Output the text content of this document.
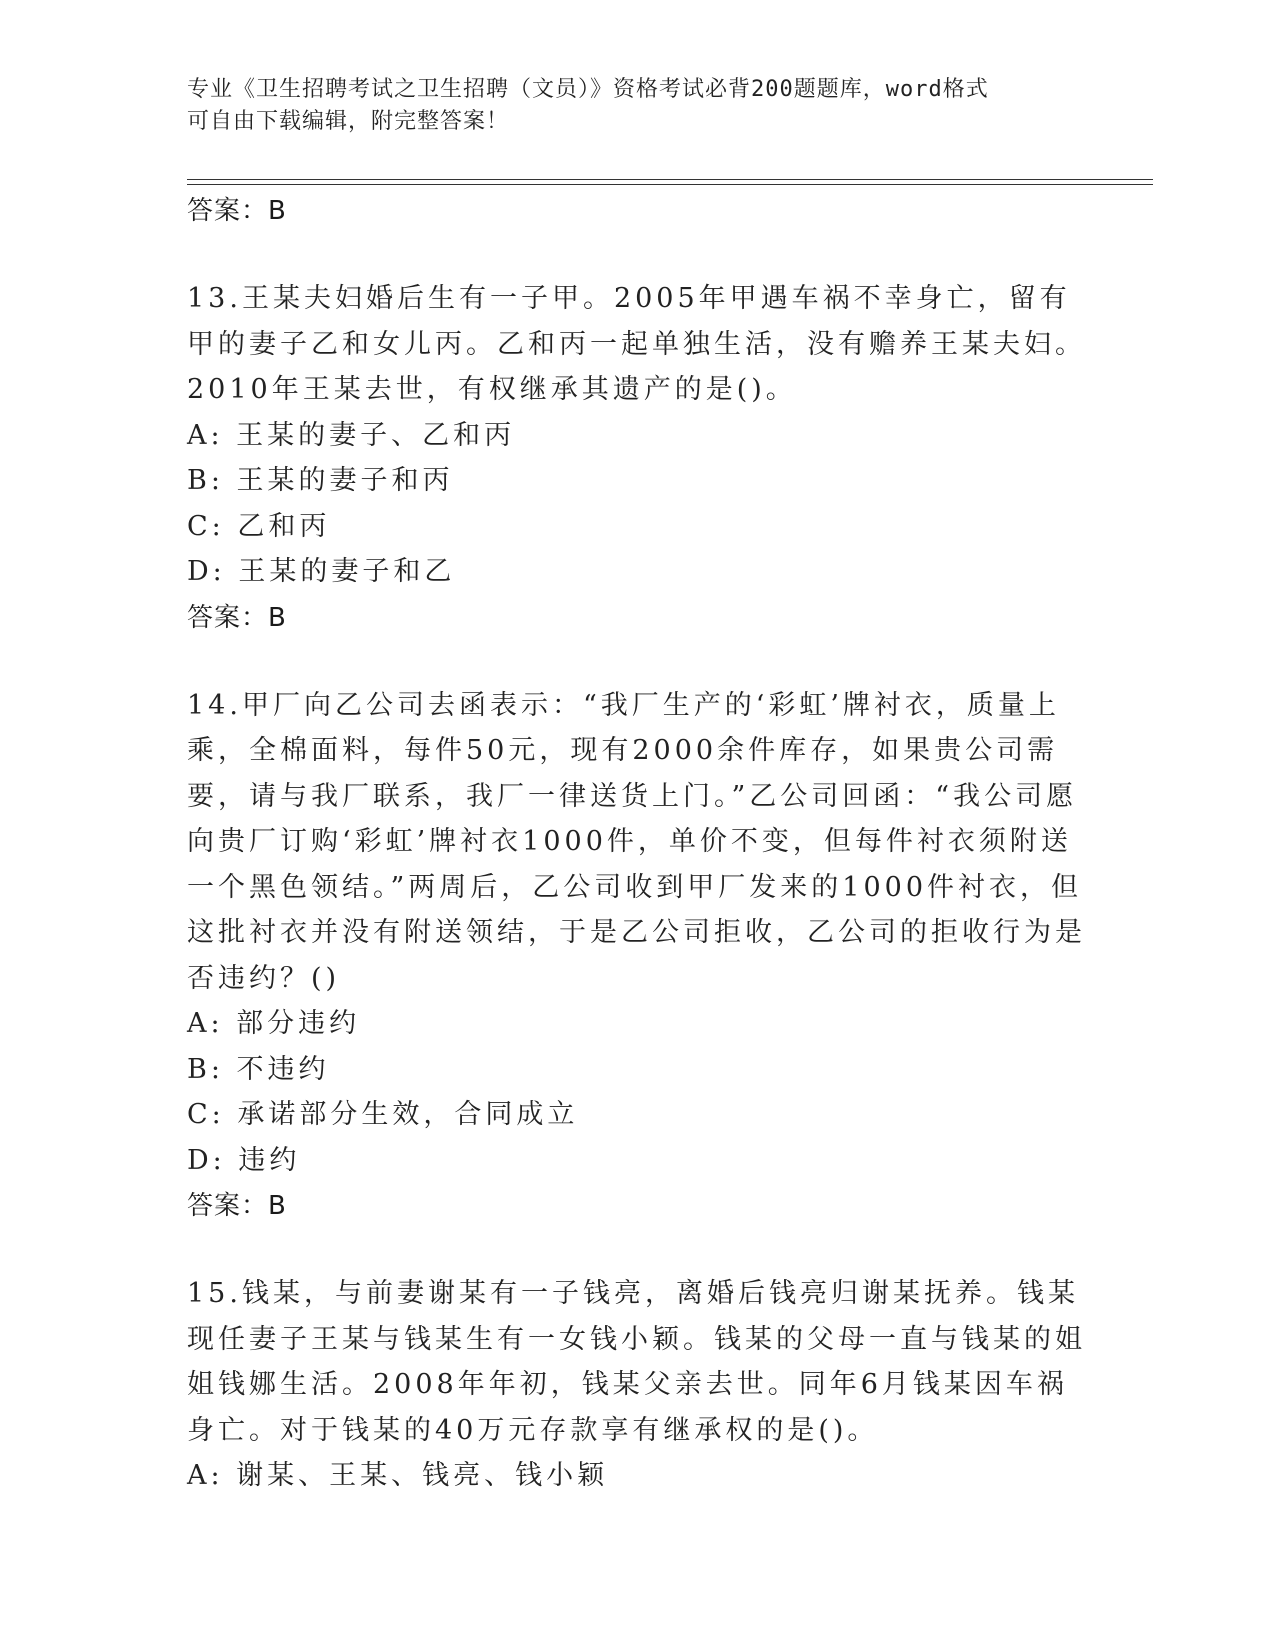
专业《卫生招聘考试之卫生招聘（文员）》资格考试必背200题题库，word格式
可自由下载编辑，附完整答案！
答案：B

13.王某夫妇婚后生有一子甲。2005年甲遇车祸不幸身亡，留有甲的妻子乙和女儿丙。乙和丙一起单独生活，没有赡养王某夫妇。2010年王某去世，有权继承其遗产的是()。

A: 王某的妻子、乙和丙
B: 王某的妻子和丙
C: 乙和丙
D: 王某的妻子和乙
答案：B

14.甲厂向乙公司去函表示：“我厂生产的‘彩虹’牌衬衣，质量上乘，全棉面料，每件50元，现有2000余件库存，如果贵公司需要，请与我厂联系，我厂一律送货上门。”乙公司回函：“我公司愿向贵厂订购‘彩虹’牌衬衣1000件，单价不变，但每件衬衣须附送一个黑色领结。”两周后，乙公司收到甲厂发来的1000件衬衣，但这批衬衣并没有附送领结，于是乙公司拒收，乙公司的拒收行为是否违约？()

A: 部分违约
B: 不违约
C: 承诺部分生效，合同成立
D: 违约
答案：B

15.钱某，与前妻谢某有一子钱亮，离婚后钱亮归谢某抚养。钱某现任妻子王某与钱某生有一女钱小颖。钱某的父母一直与钱某的姐姐钱娜生活。2008年年初，钱某父亲去世。同年6月钱某因车祸身亡。对于钱某的40万元存款享有继承权的是()。

A: 谢某、王某、钱亮、钱小颖
